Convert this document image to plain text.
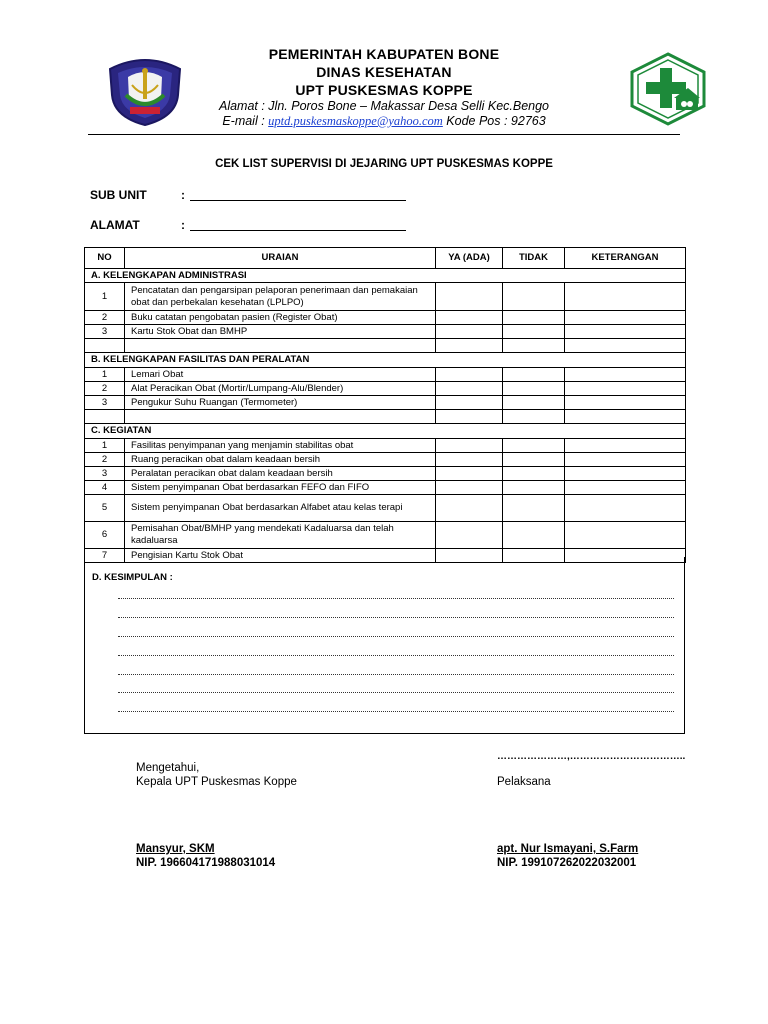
PEMERINTAH KABUPATEN BONE
DINAS KESEHATAN
UPT PUSKESMAS KOPPE
Alamat : Jln. Poros Bone – Makassar Desa Selli Kec.Bengo
E-mail : uptd.puskesmaskoppe@yahoo.com Kode Pos : 92763
CEK LIST SUPERVISI DI JEJARING UPT PUSKESMAS KOPPE
SUB UNIT	:
ALAMAT	:
NO	URAIAN	YA (ADA)	TIDAK	KETERANGAN
A. KELENGKAPAN ADMINISTRASI				
1	Pencatatan dan pengarsipan pelaporan penerimaan dan pemakaian obat dan perbekalan kesehatan (LPLPO)			
2	Buku catatan pengobatan pasien (Register Obat)			
3	Kartu Stok Obat dan BMHP			

B. KELENGKAPAN FASILITAS DAN PERALATAN				
1	Lemari Obat			
2	Alat Peracikan Obat (Mortir/Lumpang-Alu/Blender)			
3	Pengukur Suhu Ruangan (Termometer)			

C. KEGIATAN				
1	Fasilitas penyimpanan yang menjamin stabilitas obat			
2	Ruang peracikan obat dalam keadaan bersih			
3	Peralatan peracikan obat dalam keadaan bersih			
4	Sistem penyimpanan Obat berdasarkan FEFO dan FIFO			
5	Sistem penyimpanan Obat berdasarkan Alfabet atau kelas terapi			
6	Pemisahan Obat/BMHP yang mendekati Kadaluarsa dan telah kadaluarsa			
7	Pengisian Kartu Stok Obat			
D. KESIMPULAN :
…………………,……………………………..
Mengetahui,
Kepala UPT Puskesmas Koppe	Pelaksana
Mansyur, SKM
NIP. 196604171988031014
apt. Nur Ismayani, S.Farm
NIP. 199107262022032001
